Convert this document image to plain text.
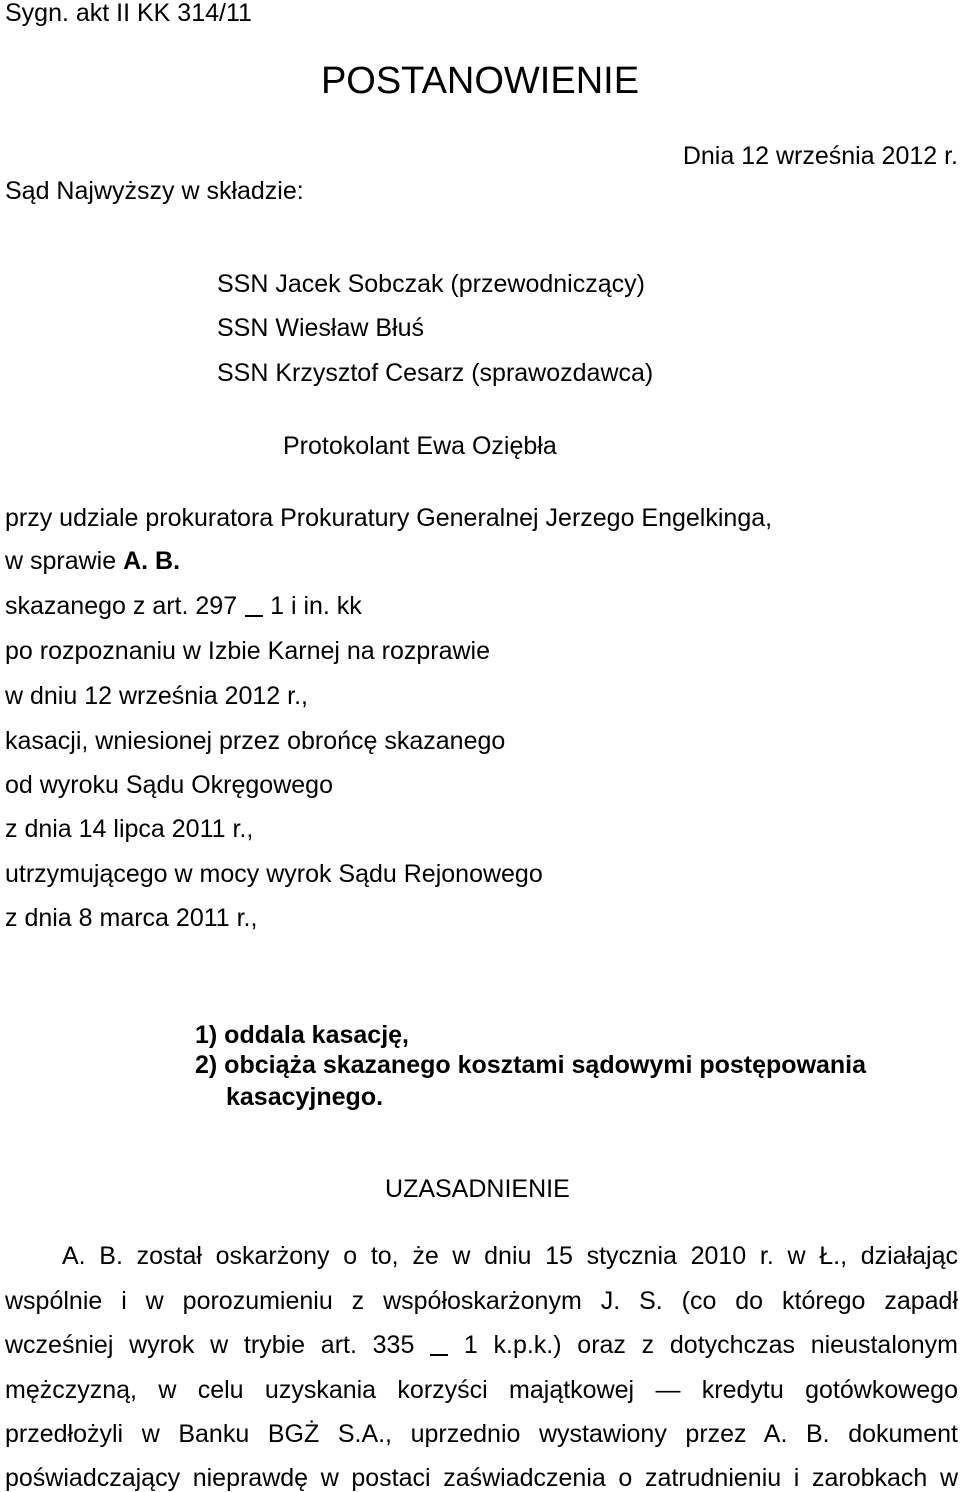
Sygn. akt II KK 314/11
POSTANOWIENIE
Dnia 12 września 2012 r.
Sąd Najwyższy w składzie:
SSN Jacek Sobczak (przewodniczący)
SSN Wiesław Błuś
SSN Krzysztof Cesarz (sprawozdawca)
Protokolant Ewa Oziębła
przy udziale prokuratora Prokuratury Generalnej Jerzego Engelkinga,
w sprawie A. B.
skazanego z art. 297 1 i in. kk
po rozpoznaniu w Izbie Karnej na rozprawie
w dniu 12 września 2012 r.,
kasacji, wniesionej przez obrońcę skazanego
od wyroku Sądu Okręgowego
z dnia 14 lipca 2011 r.,
utrzymującego w mocy wyrok Sądu Rejonowego
z dnia 8 marca 2011 r.,
1) oddala kasację,
2) obciąża skazanego kosztami sądowymi postępowania
kasacyjnego.
UZASADNIENIE
A. B. został oskarżony o to, że w dniu 15 stycznia 2010 r. w Ł., działając
wspólnie i w porozumieniu z współoskarżonym J. S. (co do którego zapadł
wcześniej wyrok w trybie art. 335 1 k.p.k.) oraz z dotychczas nieustalonym
mężczyzną, w celu uzyskania korzyści majątkowej — kredytu gotówkowego
przedłożyli w Banku BGŻ S.A., uprzednio wystawiony przez A. B. dokument
poświadczający nieprawdę w postaci zaświadczenia o zatrudnieniu i zarobkach w
